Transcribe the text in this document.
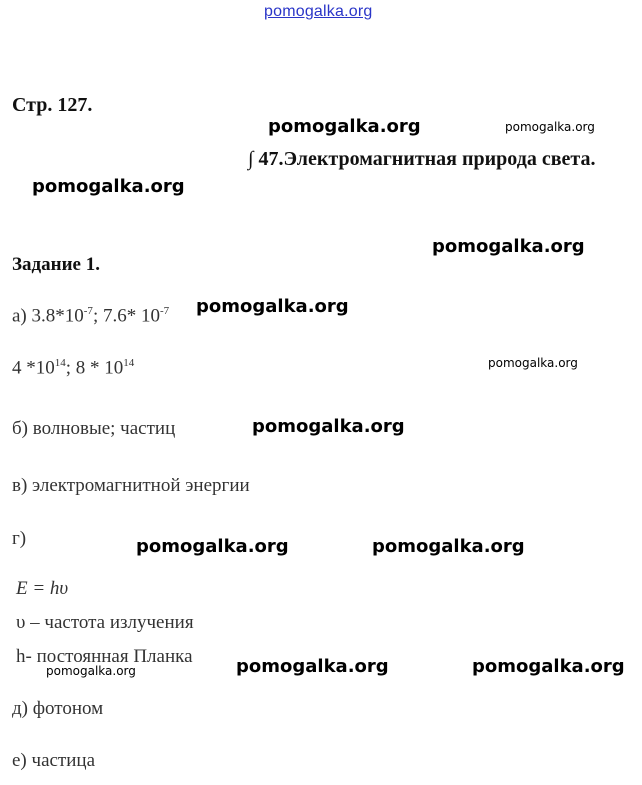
pomogalka.org
Стр. 127.
∫ 47.Электромагнитная природа света.
Задание 1.
а) $3.8*10^{-7}$; 7.6* $10^{-7}$
4 $*10^{14}$; $8 * 10^{14}$
б) волновые; частиц
в) электромагнитной энергии
г)
E = hυ
υ – частота излучения
h- постоянная Планка
д) фотоном
е) частица
pomogalka.org	pomogalka.org
pomogalka.org
pomogalka.org
pomogalka.org
pomogalka.org
pomogalka.org
pomogalka.org	pomogalka.org
pomogalka.org	pomogalka.org	pomogalka.org
